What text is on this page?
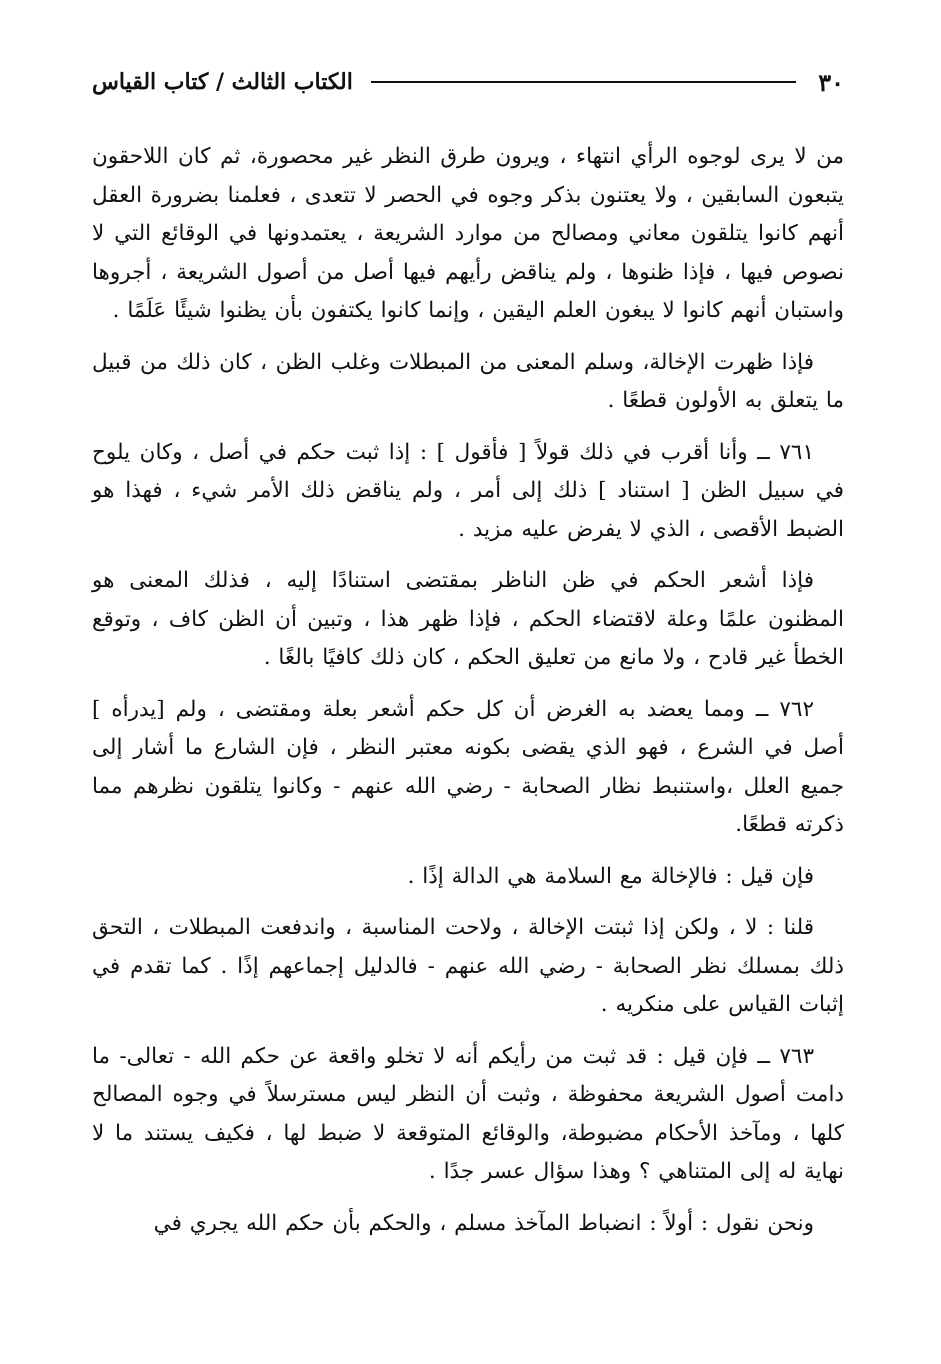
٣٠
الكتاب الثالث / كتاب القياس

من لا يرى لوجوه الرأي انتهاء ، ويرون طرق النظر غير محصورة، ثم كان اللاحقون يتبعون السابقين ، ولا يعتنون بذكر وجوه في الحصر لا تتعدى ، فعلمنا بضرورة العقل أنهم كانوا يتلقون معاني ومصالح من موارد الشريعة ، يعتمدونها في الوقائع التي لا نصوص فيها ، فإذا ظنوها ، ولم يناقض رأيهم فيها أصل من أصول الشريعة ، أجروها واستبان أنهم كانوا لا يبغون العلم اليقين ، وإنما كانوا يكتفون بأن يظنوا شيئًا عَلَمًا .

فإذا ظهرت الإخالة، وسلم المعنى من المبطلات وغلب الظن ، كان ذلك من قبيل ما يتعلق به الأولون قطعًا .

٧٦١ ــ وأنا أقرب في ذلك قولاً [ فأقول ] : إذا ثبت حكم في أصل ، وكان يلوح في سبيل الظن [ استناد ] ذلك إلى أمر ، ولم يناقض ذلك الأمر شيء ، فهذا هو الضبط الأقصى ، الذي لا يفرض عليه مزيد .

فإذا أشعر الحكم في ظن الناظر بمقتضى استنادًا إليه ، فذلك المعنى هو المظنون علمًا وعلة لاقتضاء الحكم ، فإذا ظهر هذا ، وتبين أن الظن كاف ، وتوقع الخطأ غير قادح ، ولا مانع من تعليق الحكم ، كان ذلك كافيًا بالغًا .

٧٦٢ ــ ومما يعضد به الغرض أن كل حكم أشعر بعلة ومقتضى ، ولم [يدرأه ] أصل في الشرع ، فهو الذي يقضى بكونه معتبر النظر ، فإن الشارع ما أشار إلى جميع العلل ،واستنبط نظار الصحابة - رضي الله عنهم - وكانوا يتلقون نظرهم مما ذكرته قطعًا.

فإن قيل : فالإخالة مع السلامة هي الدالة إذًا .

قلنا : لا ، ولكن إذا ثبتت الإخالة ، ولاحت المناسبة ، واندفعت المبطلات ، التحق ذلك بمسلك نظر الصحابة - رضي الله عنهم - فالدليل إجماعهم إذًا . كما تقدم في إثبات القياس على منكريه .

٧٦٣ ــ فإن قيل : قد ثبت من رأيكم أنه لا تخلو واقعة عن حكم الله - تعالى- ما دامت أصول الشريعة محفوظة ، وثبت أن النظر ليس مسترسلاً في وجوه المصالح كلها ، ومآخذ الأحكام مضبوطة، والوقائع المتوقعة لا ضبط لها ، فكيف يستند ما لا نهاية له إلى المتناهي ؟ وهذا سؤال عسر جدًا .

ونحن نقول : أولاً : انضباط المآخذ مسلم ، والحكم بأن حكم الله يجري في
